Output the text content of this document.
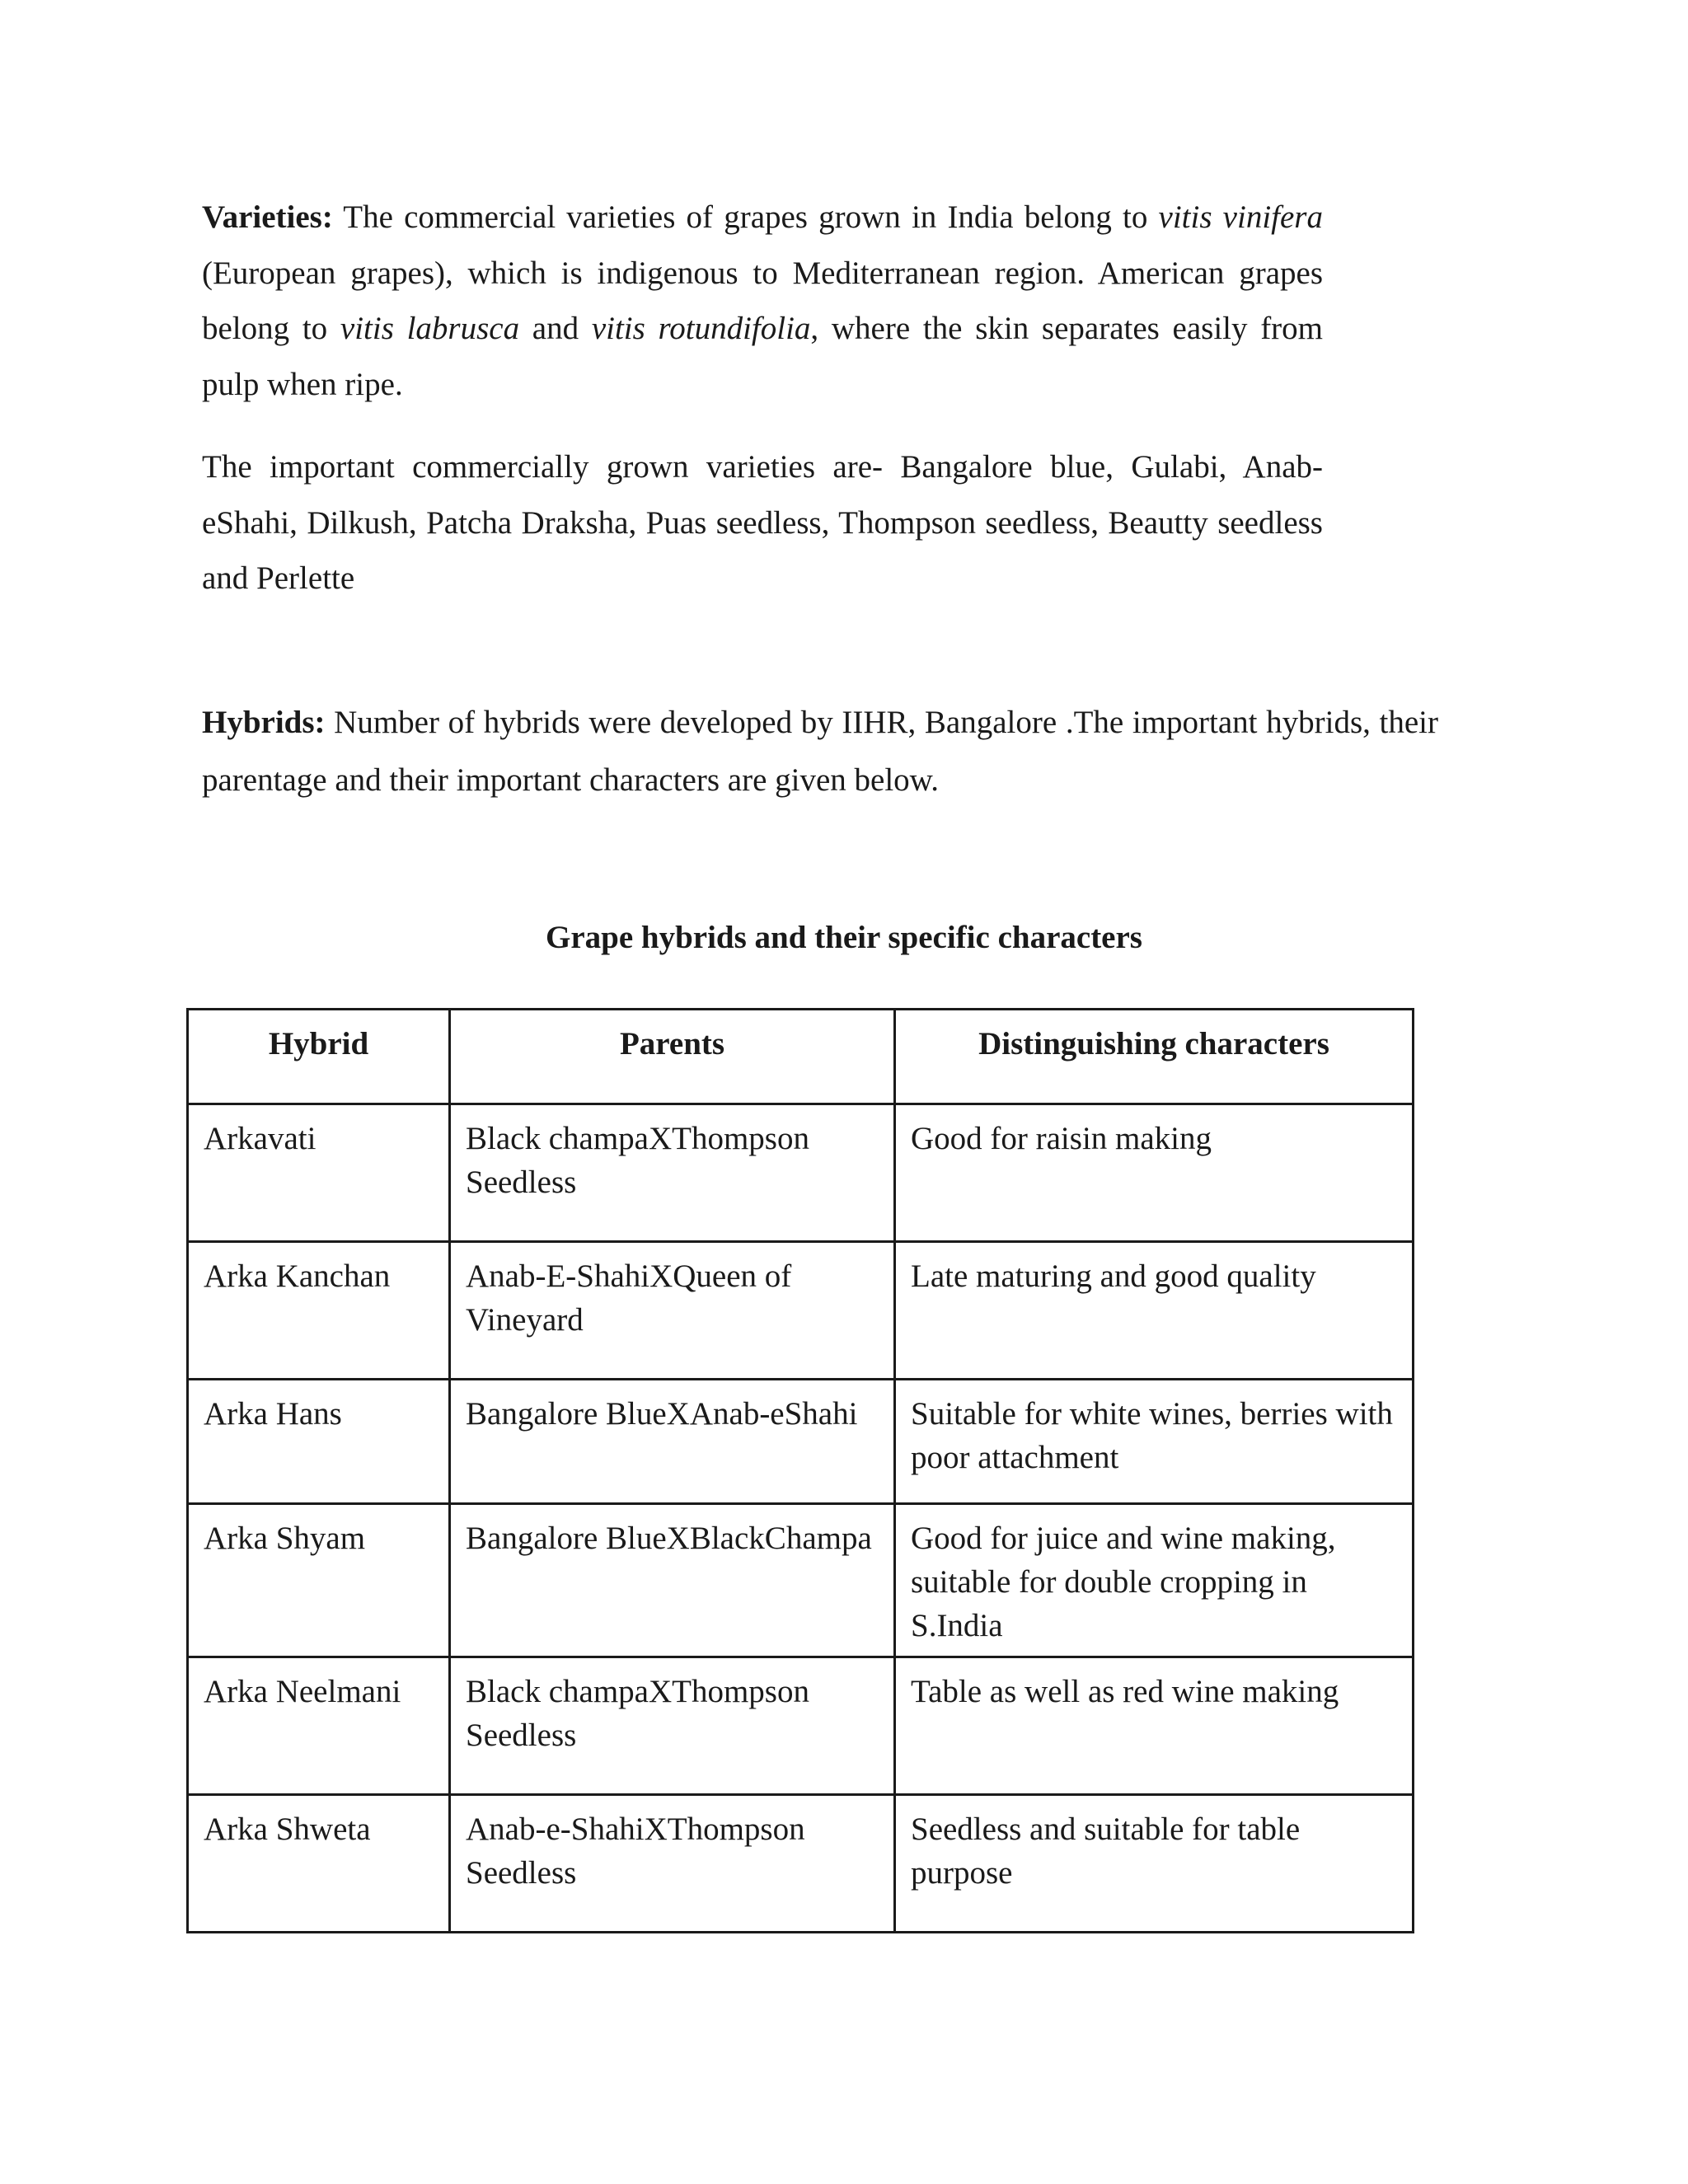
Varieties: The commercial varieties of grapes grown in India belong to vitis vinifera (European grapes), which is indigenous to Mediterranean region. American grapes belong to vitis labrusca and vitis rotundifolia, where the skin separates easily from pulp when ripe.

The important commercially grown varieties are- Bangalore blue, Gulabi, Anab-eShahi, Dilkush, Patcha Draksha, Puas seedless, Thompson seedless, Beautty seedless and Perlette

Hybrids: Number of hybrids were developed by IIHR, Bangalore .The important hybrids, their parentage and their important characters are given below.

Grape hybrids and their specific characters

Hybrid	Parents	Distinguishing characters
Arkavati	Black champaXThompson Seedless	Good for raisin making
Arka Kanchan	Anab-E-ShahiXQueen of Vineyard	Late maturing and good quality
Arka Hans	Bangalore BlueXAnab-eShahi	Suitable for white wines, berries with poor attachment
Arka Shyam	Bangalore BlueXBlackChampa	Good for juice and wine making, suitable for double cropping in S.India
Arka Neelmani	Black champaXThompson Seedless	Table as well as red wine making
Arka Shweta	Anab-e-ShahiXThompson Seedless	Seedless and suitable for table purpose
